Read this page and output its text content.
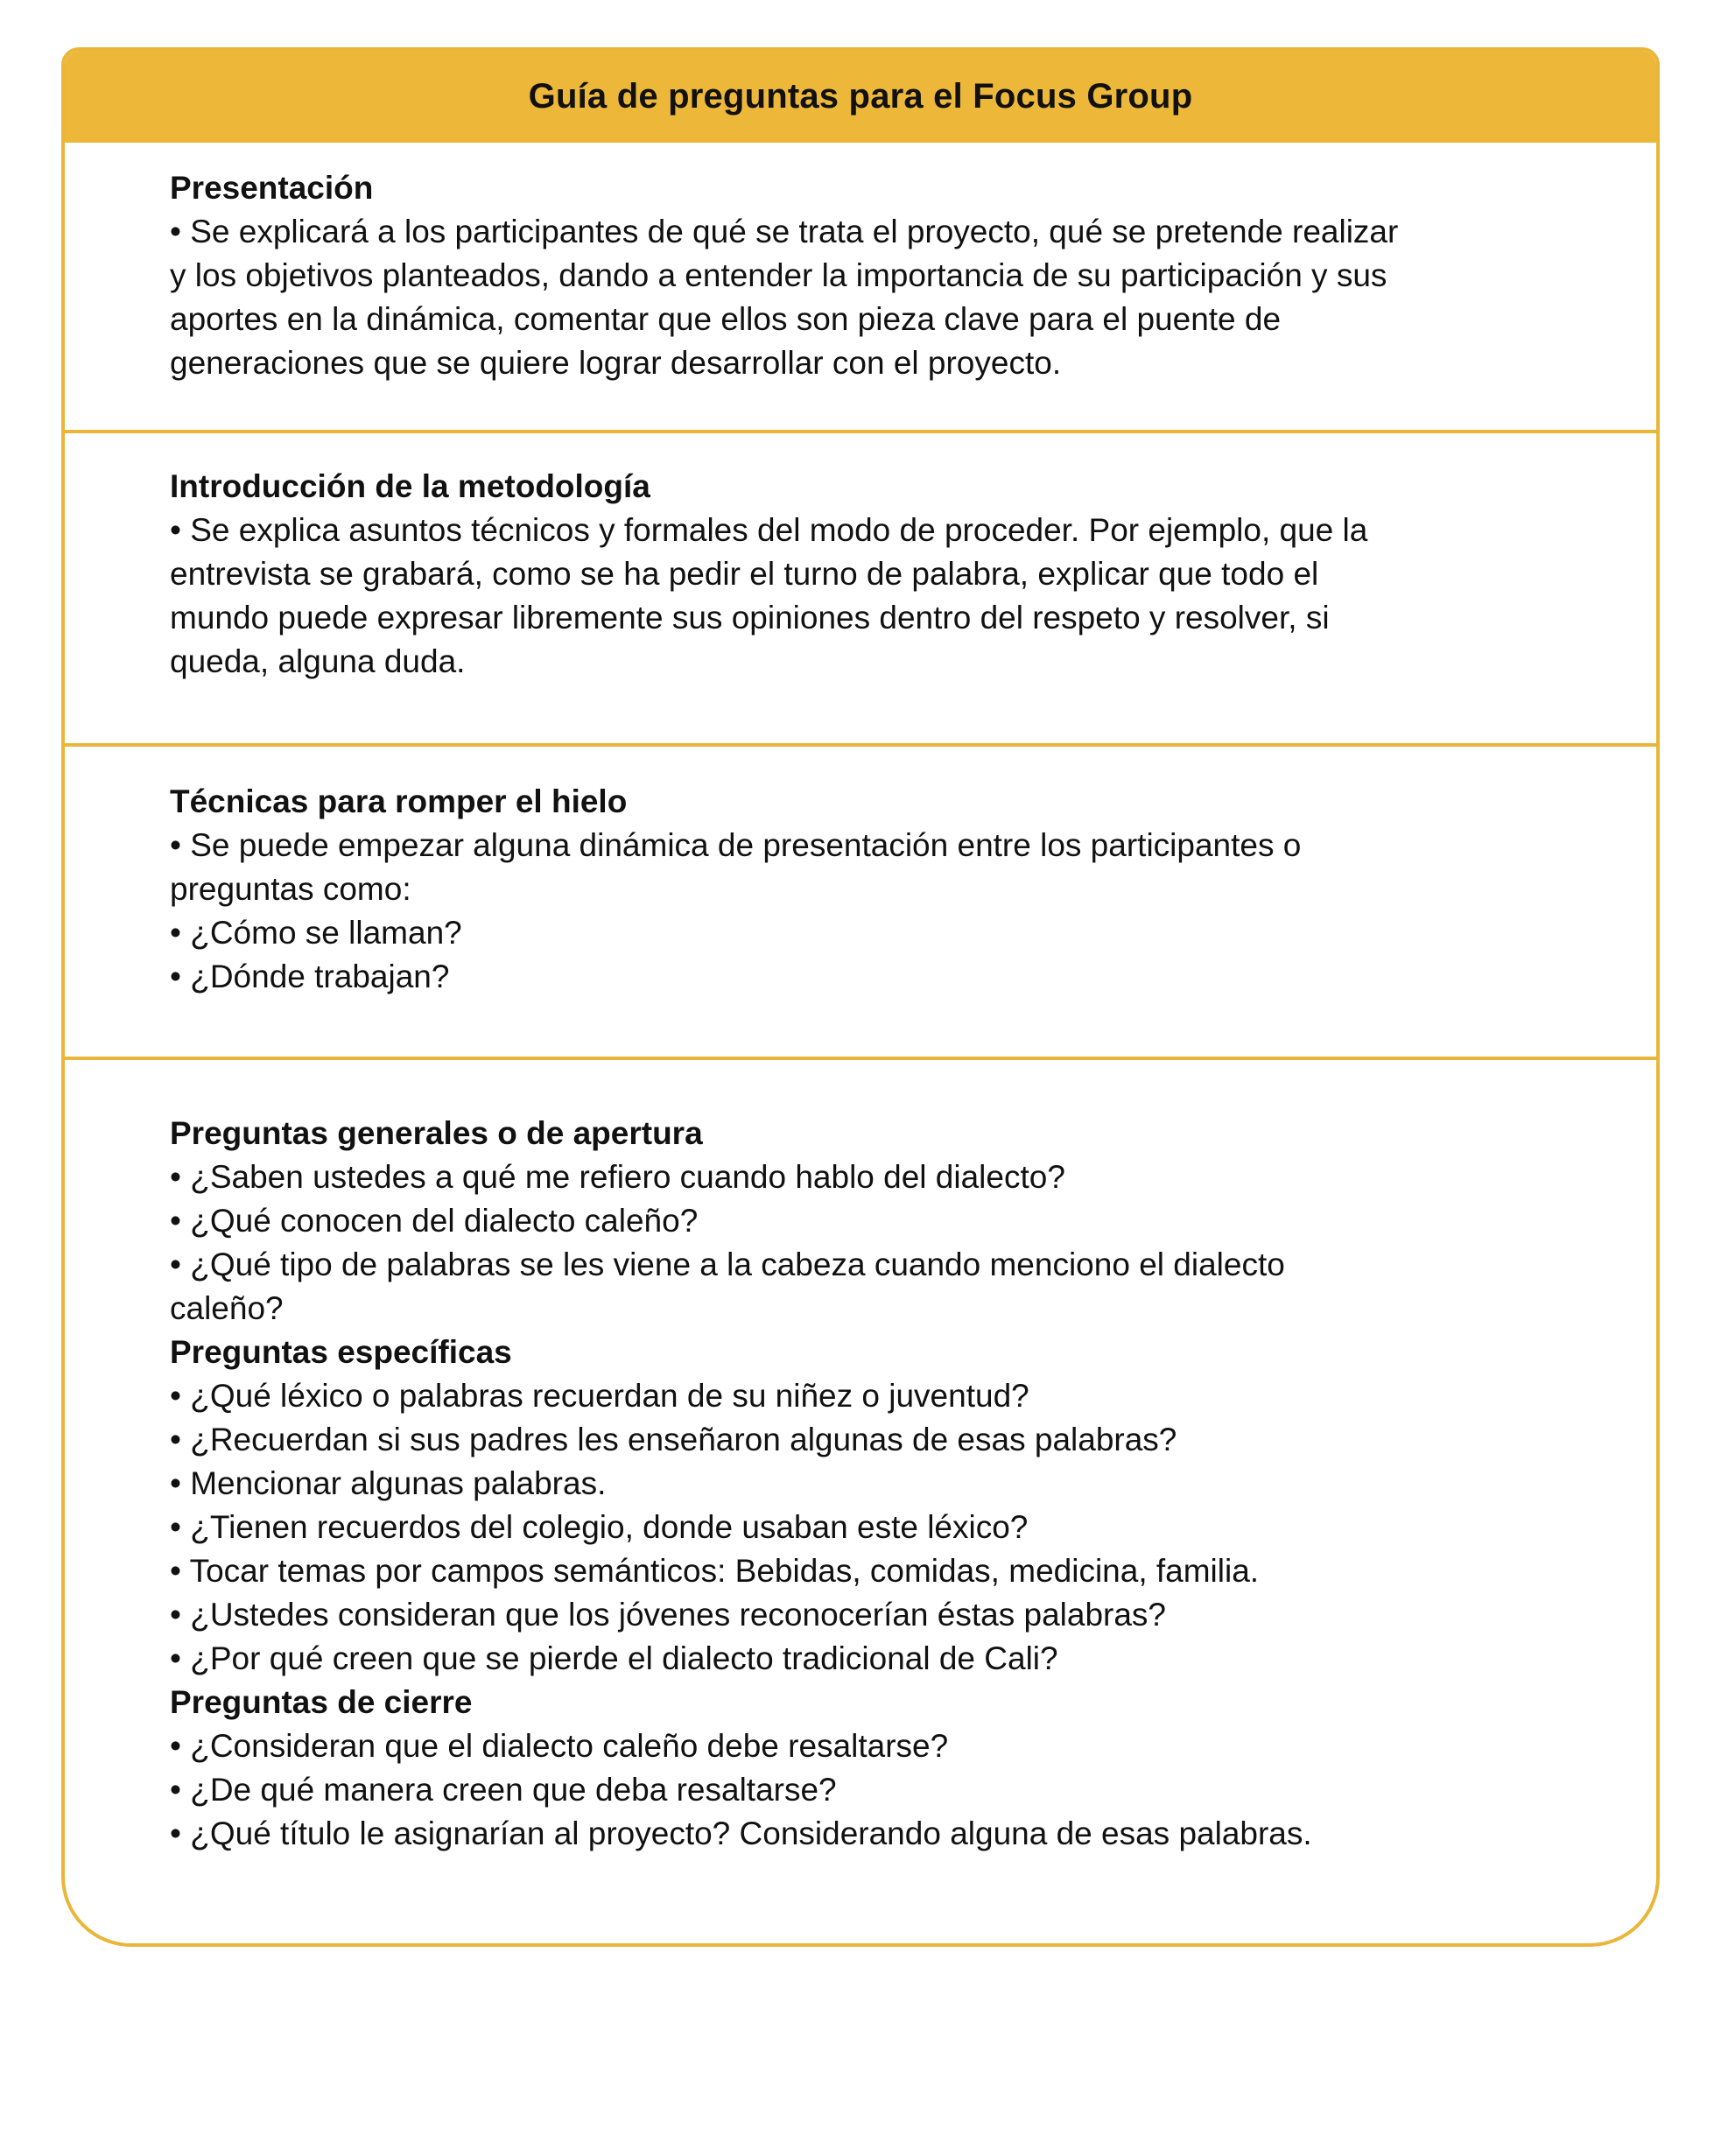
Guía de preguntas para el Focus Group

Presentación

• Se explicará a los participantes de qué se trata el proyecto, qué se pretende realizar

y los objetivos planteados, dando a entender la importancia de su participación y sus

aportes en la dinámica, comentar que ellos son pieza clave para el puente de

generaciones que se quiere lograr desarrollar con el proyecto.

Introducción de la metodología

• Se explica asuntos técnicos y formales del modo de proceder. Por ejemplo, que la

entrevista se grabará, como se ha pedir el turno de palabra, explicar que todo el

mundo puede expresar libremente sus opiniones dentro del respeto y resolver, si

queda, alguna duda.

Técnicas para romper el hielo

• Se puede empezar alguna dinámica de presentación entre los participantes o

preguntas como:

• ¿Cómo se llaman?

• ¿Dónde trabajan?

Preguntas generales o de apertura

• ¿Saben ustedes a qué me refiero cuando hablo del dialecto?

• ¿Qué conocen del dialecto caleño?

• ¿Qué tipo de palabras se les viene a la cabeza cuando menciono el dialecto

caleño?

Preguntas específicas

• ¿Qué léxico o palabras recuerdan de su niñez o juventud?

• ¿Recuerdan si sus padres les enseñaron algunas de esas palabras?

• Mencionar algunas palabras.

• ¿Tienen recuerdos del colegio, donde usaban este léxico?

• Tocar temas por campos semánticos: Bebidas, comidas, medicina, familia.

• ¿Ustedes consideran que los jóvenes reconocerían éstas palabras?

• ¿Por qué creen que se pierde el dialecto tradicional de Cali?

Preguntas de cierre

• ¿Consideran que el dialecto caleño debe resaltarse?

• ¿De qué manera creen que deba resaltarse?

• ¿Qué título le asignarían al proyecto? Considerando alguna de esas palabras.
